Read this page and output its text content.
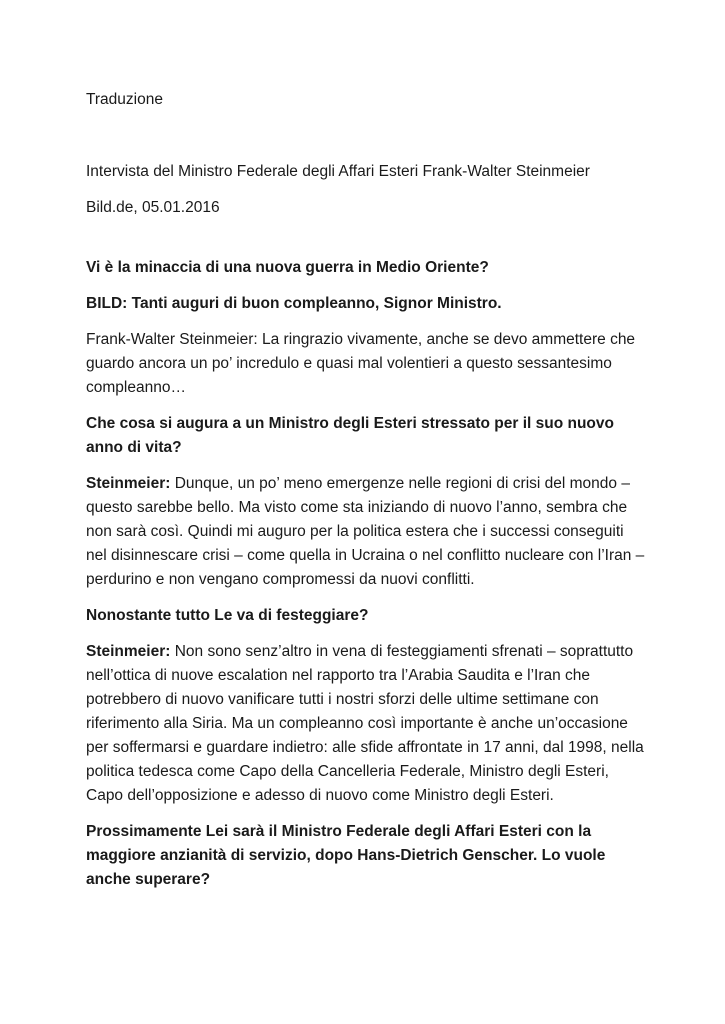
Traduzione

Intervista del Ministro Federale degli Affari Esteri Frank-Walter Steinmeier

Bild.de, 05.01.2016

Vi è la minaccia di una nuova guerra in Medio Oriente?

BILD: Tanti auguri di buon compleanno, Signor Ministro.

Frank-Walter Steinmeier: La ringrazio vivamente, anche se devo ammettere che guardo ancora un po’ incredulo e quasi mal volentieri a questo sessantesimo compleanno…

Che cosa si augura a un Ministro degli Esteri stressato per il suo nuovo anno di vita?

Steinmeier: Dunque, un po’ meno emergenze nelle regioni di crisi del mondo – questo sarebbe bello. Ma visto come sta iniziando di nuovo l’anno, sembra che non sarà così. Quindi mi auguro per la politica estera che i successi conseguiti nel disinnescare crisi – come quella in Ucraina o nel conflitto nucleare con l’Iran – perdurino e non vengano compromessi da nuovi conflitti.

Nonostante tutto Le va di festeggiare?

Steinmeier: Non sono senz’altro in vena di festeggiamenti sfrenati – soprattutto nell’ottica di nuove escalation nel rapporto tra l’Arabia Saudita e l’Iran che potrebbero di nuovo vanificare tutti i nostri sforzi delle ultime settimane con riferimento alla Siria. Ma un compleanno così importante è anche un’occasione per soffermarsi e guardare indietro: alle sfide affrontate in 17 anni, dal 1998, nella politica tedesca come Capo della Cancelleria Federale, Ministro degli Esteri, Capo dell’opposizione e adesso di nuovo come Ministro degli Esteri.

Prossimamente Lei sarà il Ministro Federale degli Affari Esteri con la maggiore anzianità di servizio, dopo Hans-Dietrich Genscher. Lo vuole anche superare?
